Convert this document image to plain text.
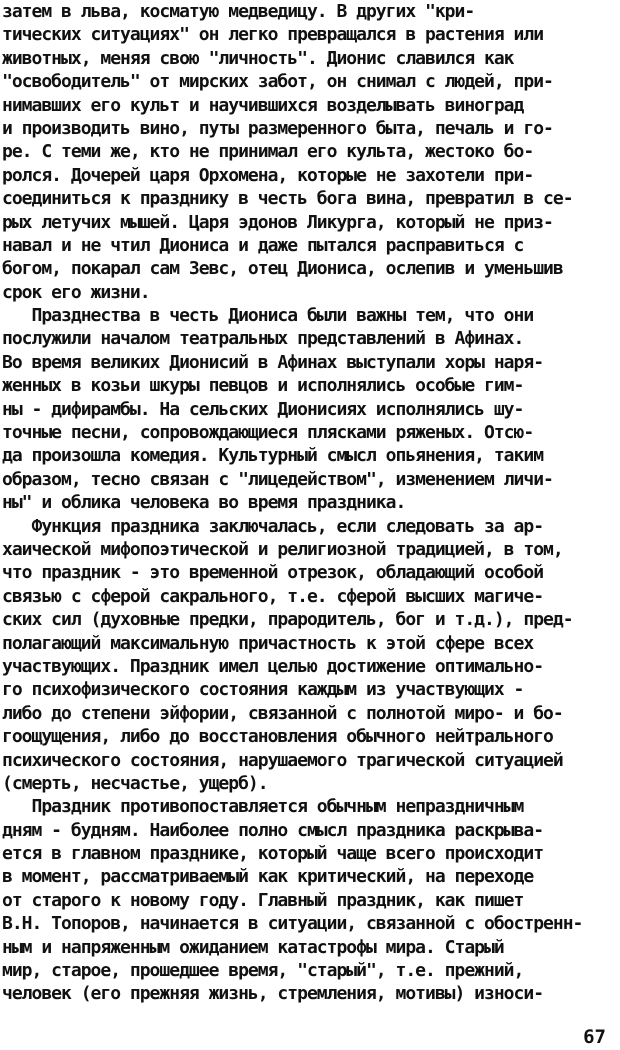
затем в льва, косматую медведицу. В других "кри-
тических ситуациях" он легко превращался в растения или
животных, меняя свою "личность". Дионис славился как
"освободитель" от мирских забот, он снимал с людей, при-
нимавших его культ и научившихся возделывать виноград
и производить вино, путы размеренного быта, печаль и го-
ре. С теми же, кто не принимал его культа, жестоко бо-
ролся. Дочерей царя Орхомена, которые не захотели при-
соединиться к празднику в честь бога вина, превратил в се-
рых летучих мышей. Царя эдонов Ликурга, который не приз-
навал и не чтил Диониса и даже пытался расправиться с
богом, покарал сам Зевс, отец Диониса, ослепив и уменьшив
срок его жизни.
Празднества в честь Диониса были важны тем, что они
послужили началом театральных представлений в Афинах.
Во время великих Дионисий в Афинах выступали хоры наря-
женных в козьи шкуры певцов и исполнялись особые гим-
ны - дифирамбы. На сельских Дионисиях исполнялись шу-
точные песни, сопровождающиеся плясками ряженых. Отсю-
да произошла комедия. Культурный смысл опьянения, таким
образом, тесно связан с "лицедейством", изменением личи-
ны" и облика человека во время праздника.
Функция праздника заключалась, если следовать за ар-
хаической мифопоэтической и религиозной традицией, в том,
что праздник - это временной отрезок, обладающий особой
связью с сферой сакрального, т.е. сферой высших магиче-
ских сил (духовные предки, прародитель, бог и т.д.), пред-
полагающий максимальную причастность к этой сфере всех
участвующих. Праздник имел целью достижение оптимально-
го психофизического состояния каждым из участвующих -
либо до степени эйфории, связанной с полнотой миро- и бо-
гоощущения, либо до восстановления обычного нейтрального
психического состояния, нарушаемого трагической ситуацией
(смерть, несчастье, ущерб).
Праздник противопоставляется обычным непраздничным
дням - будням. Наиболее полно смысл праздника раскрыва-
ется в главном празднике, который чаще всего происходит
в момент, рассматриваемый как критический, на переходе
от старого к новому году. Главный праздник, как пишет
В.Н. Топоров, начинается в ситуации, связанной с обостренн-
ным и напряженным ожиданием катастрофы мира. Старый
мир, старое, прошедшее время, "старый", т.е. прежний,
человек (его прежняя жизнь, стремления, мотивы) износи-
67
